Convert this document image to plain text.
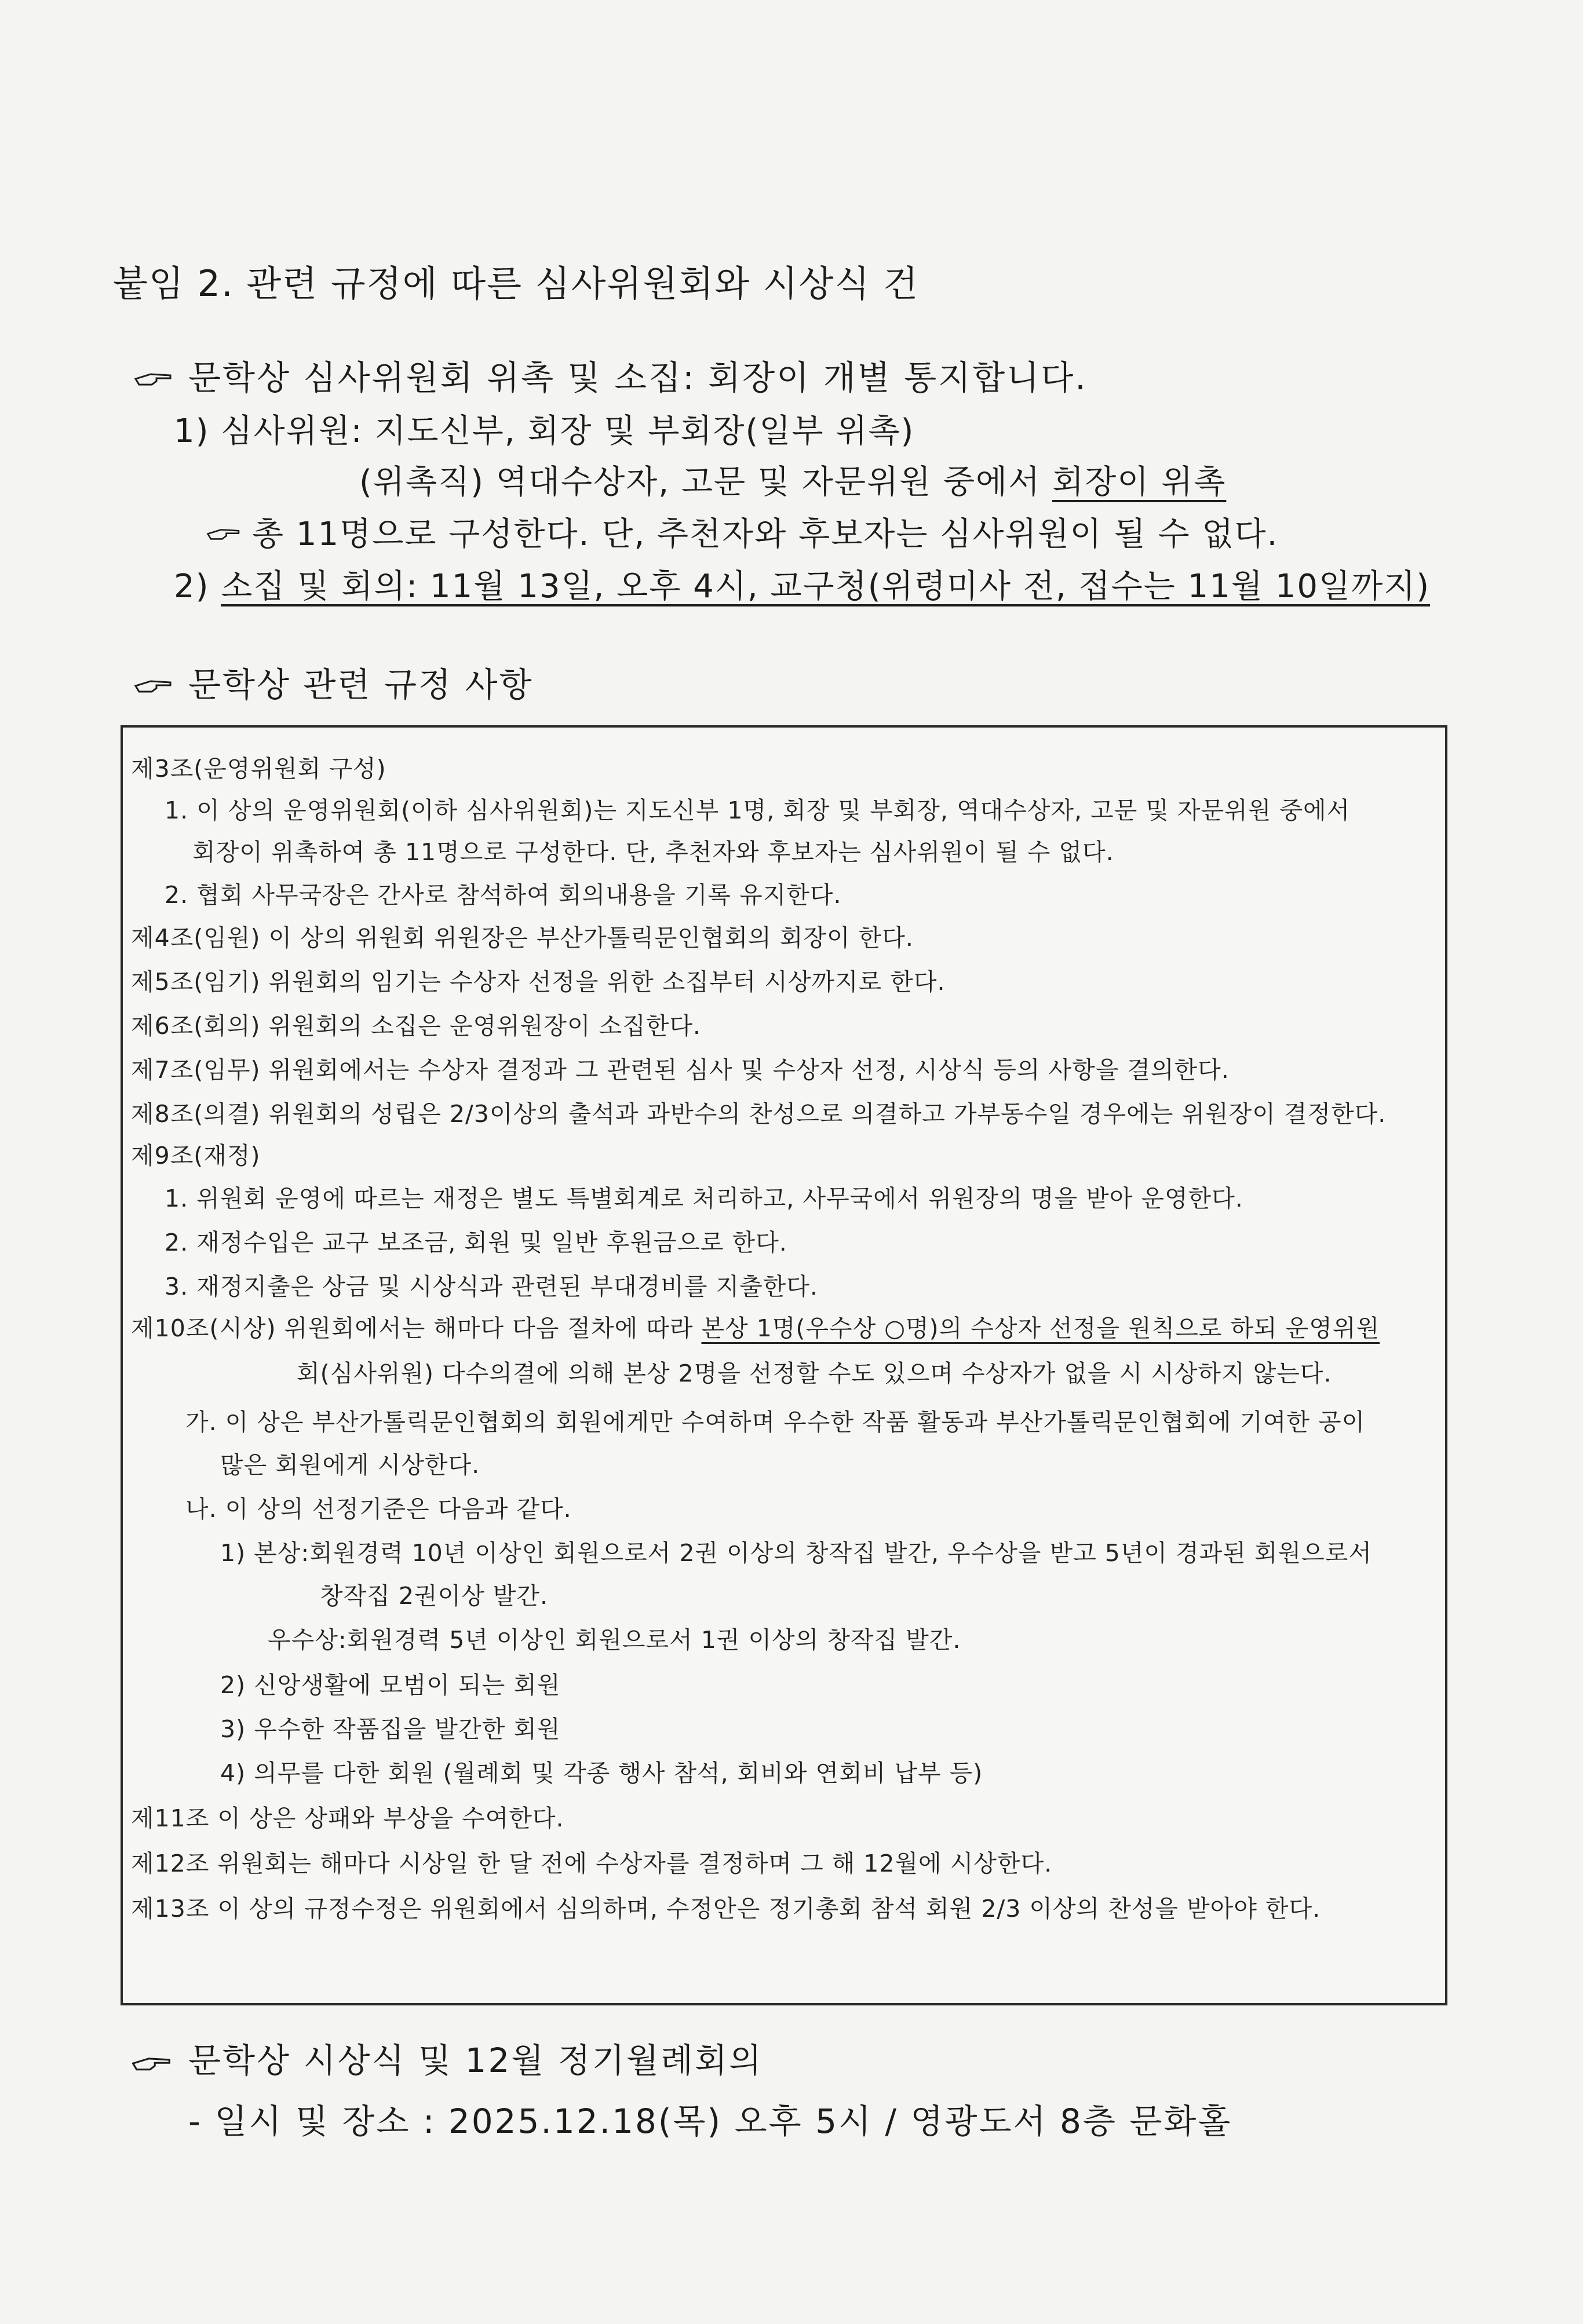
붙임 2. 관련 규정에 따른 심사위원회와 시상식 건
문학상 심사위원회 위촉 및 소집: 회장이 개별 통지합니다.
1) 심사위원: 지도신부, 회장 및 부회장(일부 위촉)
(위촉직) 역대수상자, 고문 및 자문위원 중에서 회장이 위촉
총 11명으로 구성한다. 단, 추천자와 후보자는 심사위원이 될 수 없다.
2) 소집 및 회의: 11월 13일, 오후 4시, 교구청(위령미사 전, 접수는 11월 10일까지)
문학상 관련 규정 사항
제3조(운영위원회 구성)
1. 이 상의 운영위원회(이하 심사위원회)는 지도신부 1명, 회장 및 부회장, 역대수상자, 고문 및 자문위원 중에서
회장이 위촉하여 총 11명으로 구성한다. 단, 추천자와 후보자는 심사위원이 될 수 없다.
2. 협회 사무국장은 간사로 참석하여 회의내용을 기록 유지한다.
제4조(임원) 이 상의 위원회 위원장은 부산가톨릭문인협회의 회장이 한다.
제5조(임기) 위원회의 임기는 수상자 선정을 위한 소집부터 시상까지로 한다.
제6조(회의) 위원회의 소집은 운영위원장이 소집한다.
제7조(임무) 위원회에서는 수상자 결정과 그 관련된 심사 및 수상자 선정, 시상식 등의 사항을 결의한다.
제8조(의결) 위원회의 성립은 2/3이상의 출석과 과반수의 찬성으로 의결하고 가부동수일 경우에는 위원장이 결정한다.
제9조(재정)
1. 위원회 운영에 따르는 재정은 별도 특별회계로 처리하고, 사무국에서 위원장의 명을 받아 운영한다.
2. 재정수입은 교구 보조금, 회원 및 일반 후원금으로 한다.
3. 재정지출은 상금 및 시상식과 관련된 부대경비를 지출한다.
제10조(시상) 위원회에서는 해마다 다음 절차에 따라 본상 1명(우수상 ○명)의 수상자 선정을 원칙으로 하되 운영위원
회(심사위원) 다수의결에 의해 본상 2명을 선정할 수도 있으며 수상자가 없을 시 시상하지 않는다.
가. 이 상은 부산가톨릭문인협회의 회원에게만 수여하며 우수한 작품 활동과 부산가톨릭문인협회에 기여한 공이
많은 회원에게 시상한다.
나. 이 상의 선정기준은 다음과 같다.
1) 본상:회원경력 10년 이상인 회원으로서 2권 이상의 창작집 발간, 우수상을 받고 5년이 경과된 회원으로서
창작집 2권이상 발간.
우수상:회원경력 5년 이상인 회원으로서 1권 이상의 창작집 발간.
2) 신앙생활에 모범이 되는 회원
3) 우수한 작품집을 발간한 회원
4) 의무를 다한 회원 (월례회 및 각종 행사 참석, 회비와 연회비 납부 등)
제11조 이 상은 상패와 부상을 수여한다.
제12조 위원회는 해마다 시상일 한 달 전에 수상자를 결정하며 그 해 12월에 시상한다.
제13조 이 상의 규정수정은 위원회에서 심의하며, 수정안은 정기총회 참석 회원 2/3 이상의 찬성을 받아야 한다.
문학상 시상식 및 12월 정기월례회의
- 일시 및 장소 : 2025.12.18(목) 오후 5시 / 영광도서 8층 문화홀
